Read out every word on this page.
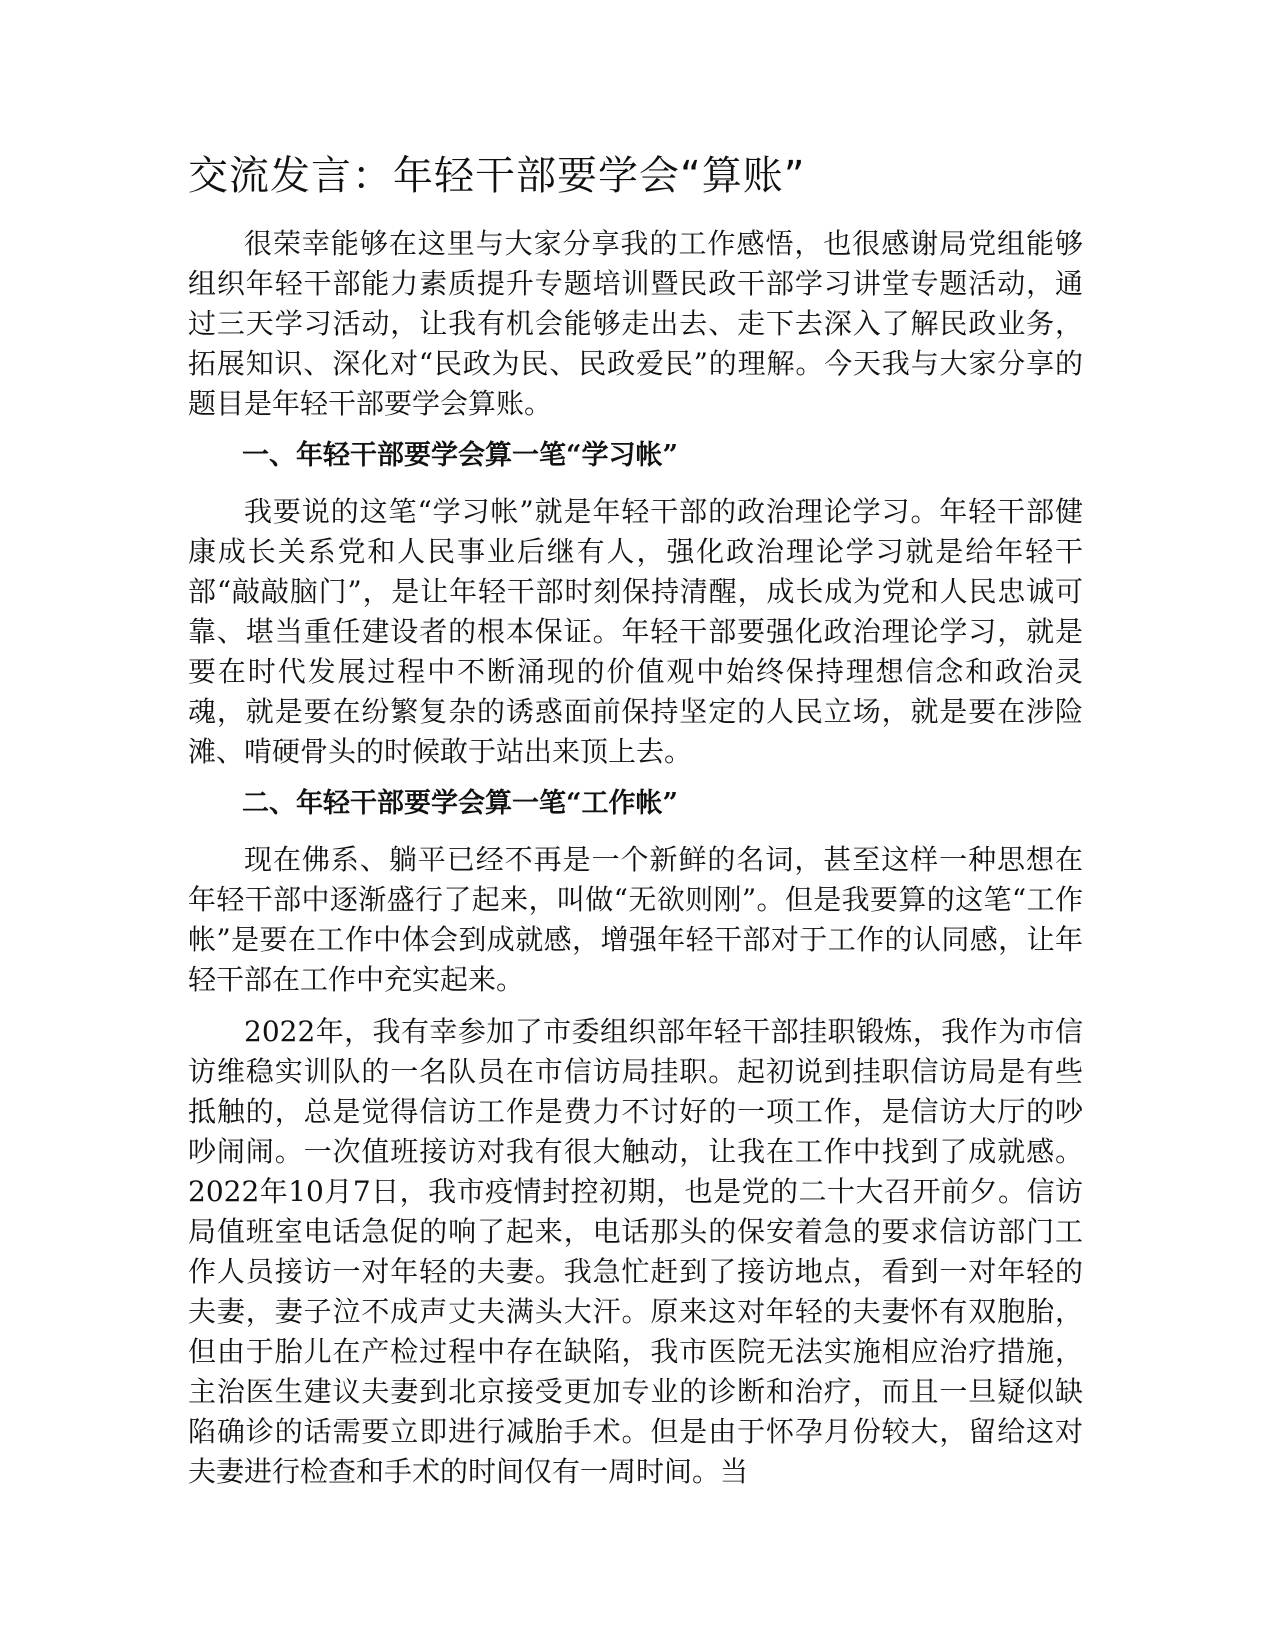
交流发言：年轻干部要学会“算账”

很荣幸能够在这里与大家分享我的工作感悟，也很感谢局党组能够组织年轻干部能力素质提升专题培训暨民政干部学习讲堂专题活动，通过三天学习活动，让我有机会能够走出去、走下去深入了解民政业务，拓展知识、深化对“民政为民、民政爱民”的理解。今天我与大家分享的题目是年轻干部要学会算账。

一、年轻干部要学会算一笔“学习帐”

我要说的这笔“学习帐”就是年轻干部的政治理论学习。年轻干部健康成长关系党和人民事业后继有人，强化政治理论学习就是给年轻干部“敲敲脑门”，是让年轻干部时刻保持清醒，成长成为党和人民忠诚可靠、堪当重任建设者的根本保证。年轻干部要强化政治理论学习，就是要在时代发展过程中不断涌现的价值观中始终保持理想信念和政治灵魂，就是要在纷繁复杂的诱惑面前保持坚定的人民立场，就是要在涉险滩、啃硬骨头的时候敢于站出来顶上去。

二、年轻干部要学会算一笔“工作帐”

现在佛系、躺平已经不再是一个新鲜的名词，甚至这样一种思想在年轻干部中逐渐盛行了起来，叫做“无欲则刚”。但是我要算的这笔“工作帐”是要在工作中体会到成就感，增强年轻干部对于工作的认同感，让年轻干部在工作中充实起来。

2022年，我有幸参加了市委组织部年轻干部挂职锻炼，我作为市信访维稳实训队的一名队员在市信访局挂职。起初说到挂职信访局是有些抵触的，总是觉得信访工作是费力不讨好的一项工作，是信访大厅的吵吵闹闹。一次值班接访对我有很大触动，让我在工作中找到了成就感。2022年10月7日，我市疫情封控初期，也是党的二十大召开前夕。信访局值班室电话急促的响了起来，电话那头的保安着急的要求信访部门工作人员接访一对年轻的夫妻。我急忙赶到了接访地点，看到一对年轻的夫妻，妻子泣不成声丈夫满头大汗。原来这对年轻的夫妻怀有双胞胎，但由于胎儿在产检过程中存在缺陷，我市医院无法实施相应治疗措施，主治医生建议夫妻到北京接受更加专业的诊断和治疗，而且一旦疑似缺陷确诊的话需要立即进行减胎手术。但是由于怀孕月份较大，留给这对夫妻进行检查和手术的时间仅有一周时间。当
